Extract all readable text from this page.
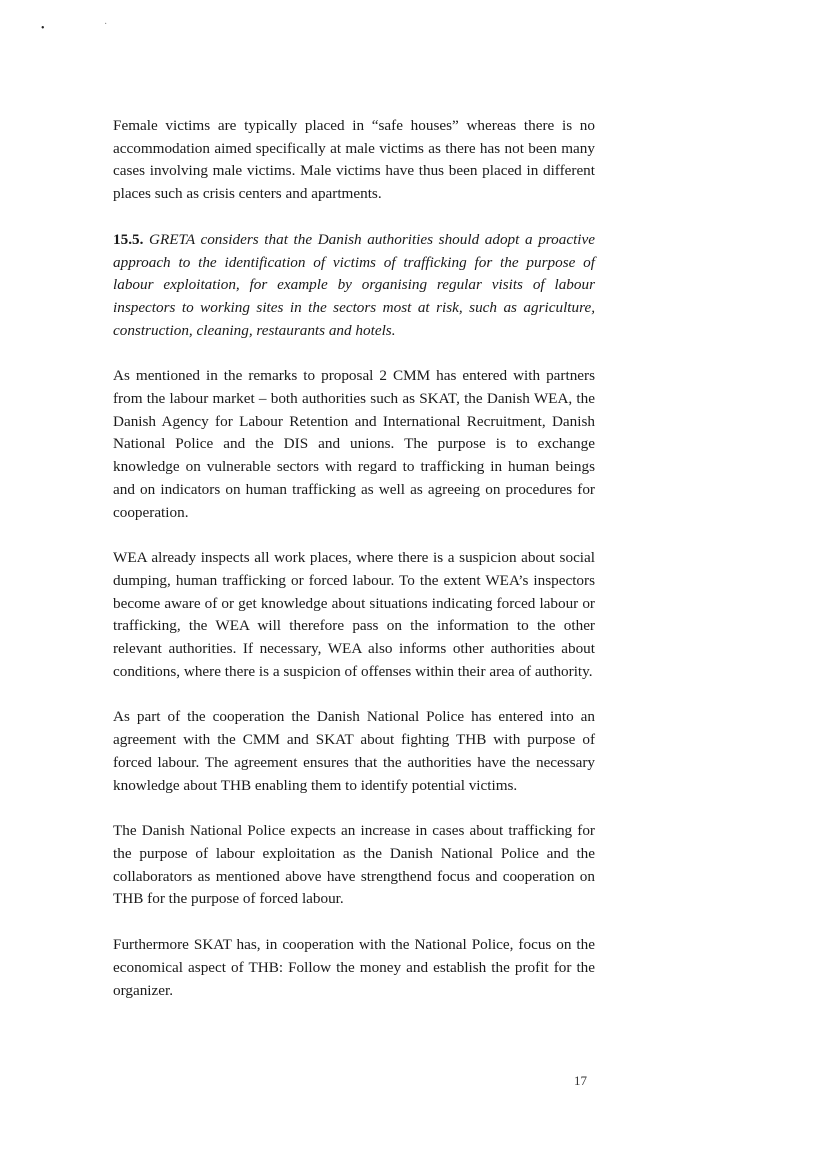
•	·

Female victims are typically placed in “safe houses” whereas there is no accommodation aimed specifically at male victims as there has not been many cases involving male victims. Male victims have thus been placed in different places such as crisis centers and apartments.

15.5. GRETA considers that the Danish authorities should adopt a proactive approach to the identification of victims of trafficking for the purpose of labour exploitation, for example by organising regular visits of labour inspectors to working sites in the sectors most at risk, such as agriculture, construction, cleaning, restaurants and hotels.

As mentioned in the remarks to proposal 2 CMM has entered with partners from the labour market – both authorities such as SKAT, the Danish WEA, the Danish Agency for Labour Retention and International Recruitment, Danish National Police and the DIS and unions. The purpose is to exchange knowledge on vulnerable sectors with regard to trafficking in human beings and on indicators on human trafficking as well as agreeing on procedures for cooperation.

WEA already inspects all work places, where there is a suspicion about social dumping, human trafficking or forced labour. To the extent WEA’s inspectors become aware of or get knowledge about situations indicating forced labour or trafficking, the WEA will therefore pass on the information to the other relevant authorities. If necessary, WEA also informs other authorities about conditions, where there is a suspicion of offenses within their area of authority.

As part of the cooperation the Danish National Police has entered into an agreement with the CMM and SKAT about fighting THB with purpose of forced labour. The agreement ensures that the authorities have the necessary knowledge about THB enabling them to identify potential victims.

The Danish National Police expects an increase in cases about trafficking for the purpose of labour exploitation as the Danish National Police and the collaborators as mentioned above have strengthend focus and cooperation on THB for the purpose of forced labour.

Furthermore SKAT has, in cooperation with the National Police, focus on the economical aspect of THB: Follow the money and establish the profit for the organizer.

17
